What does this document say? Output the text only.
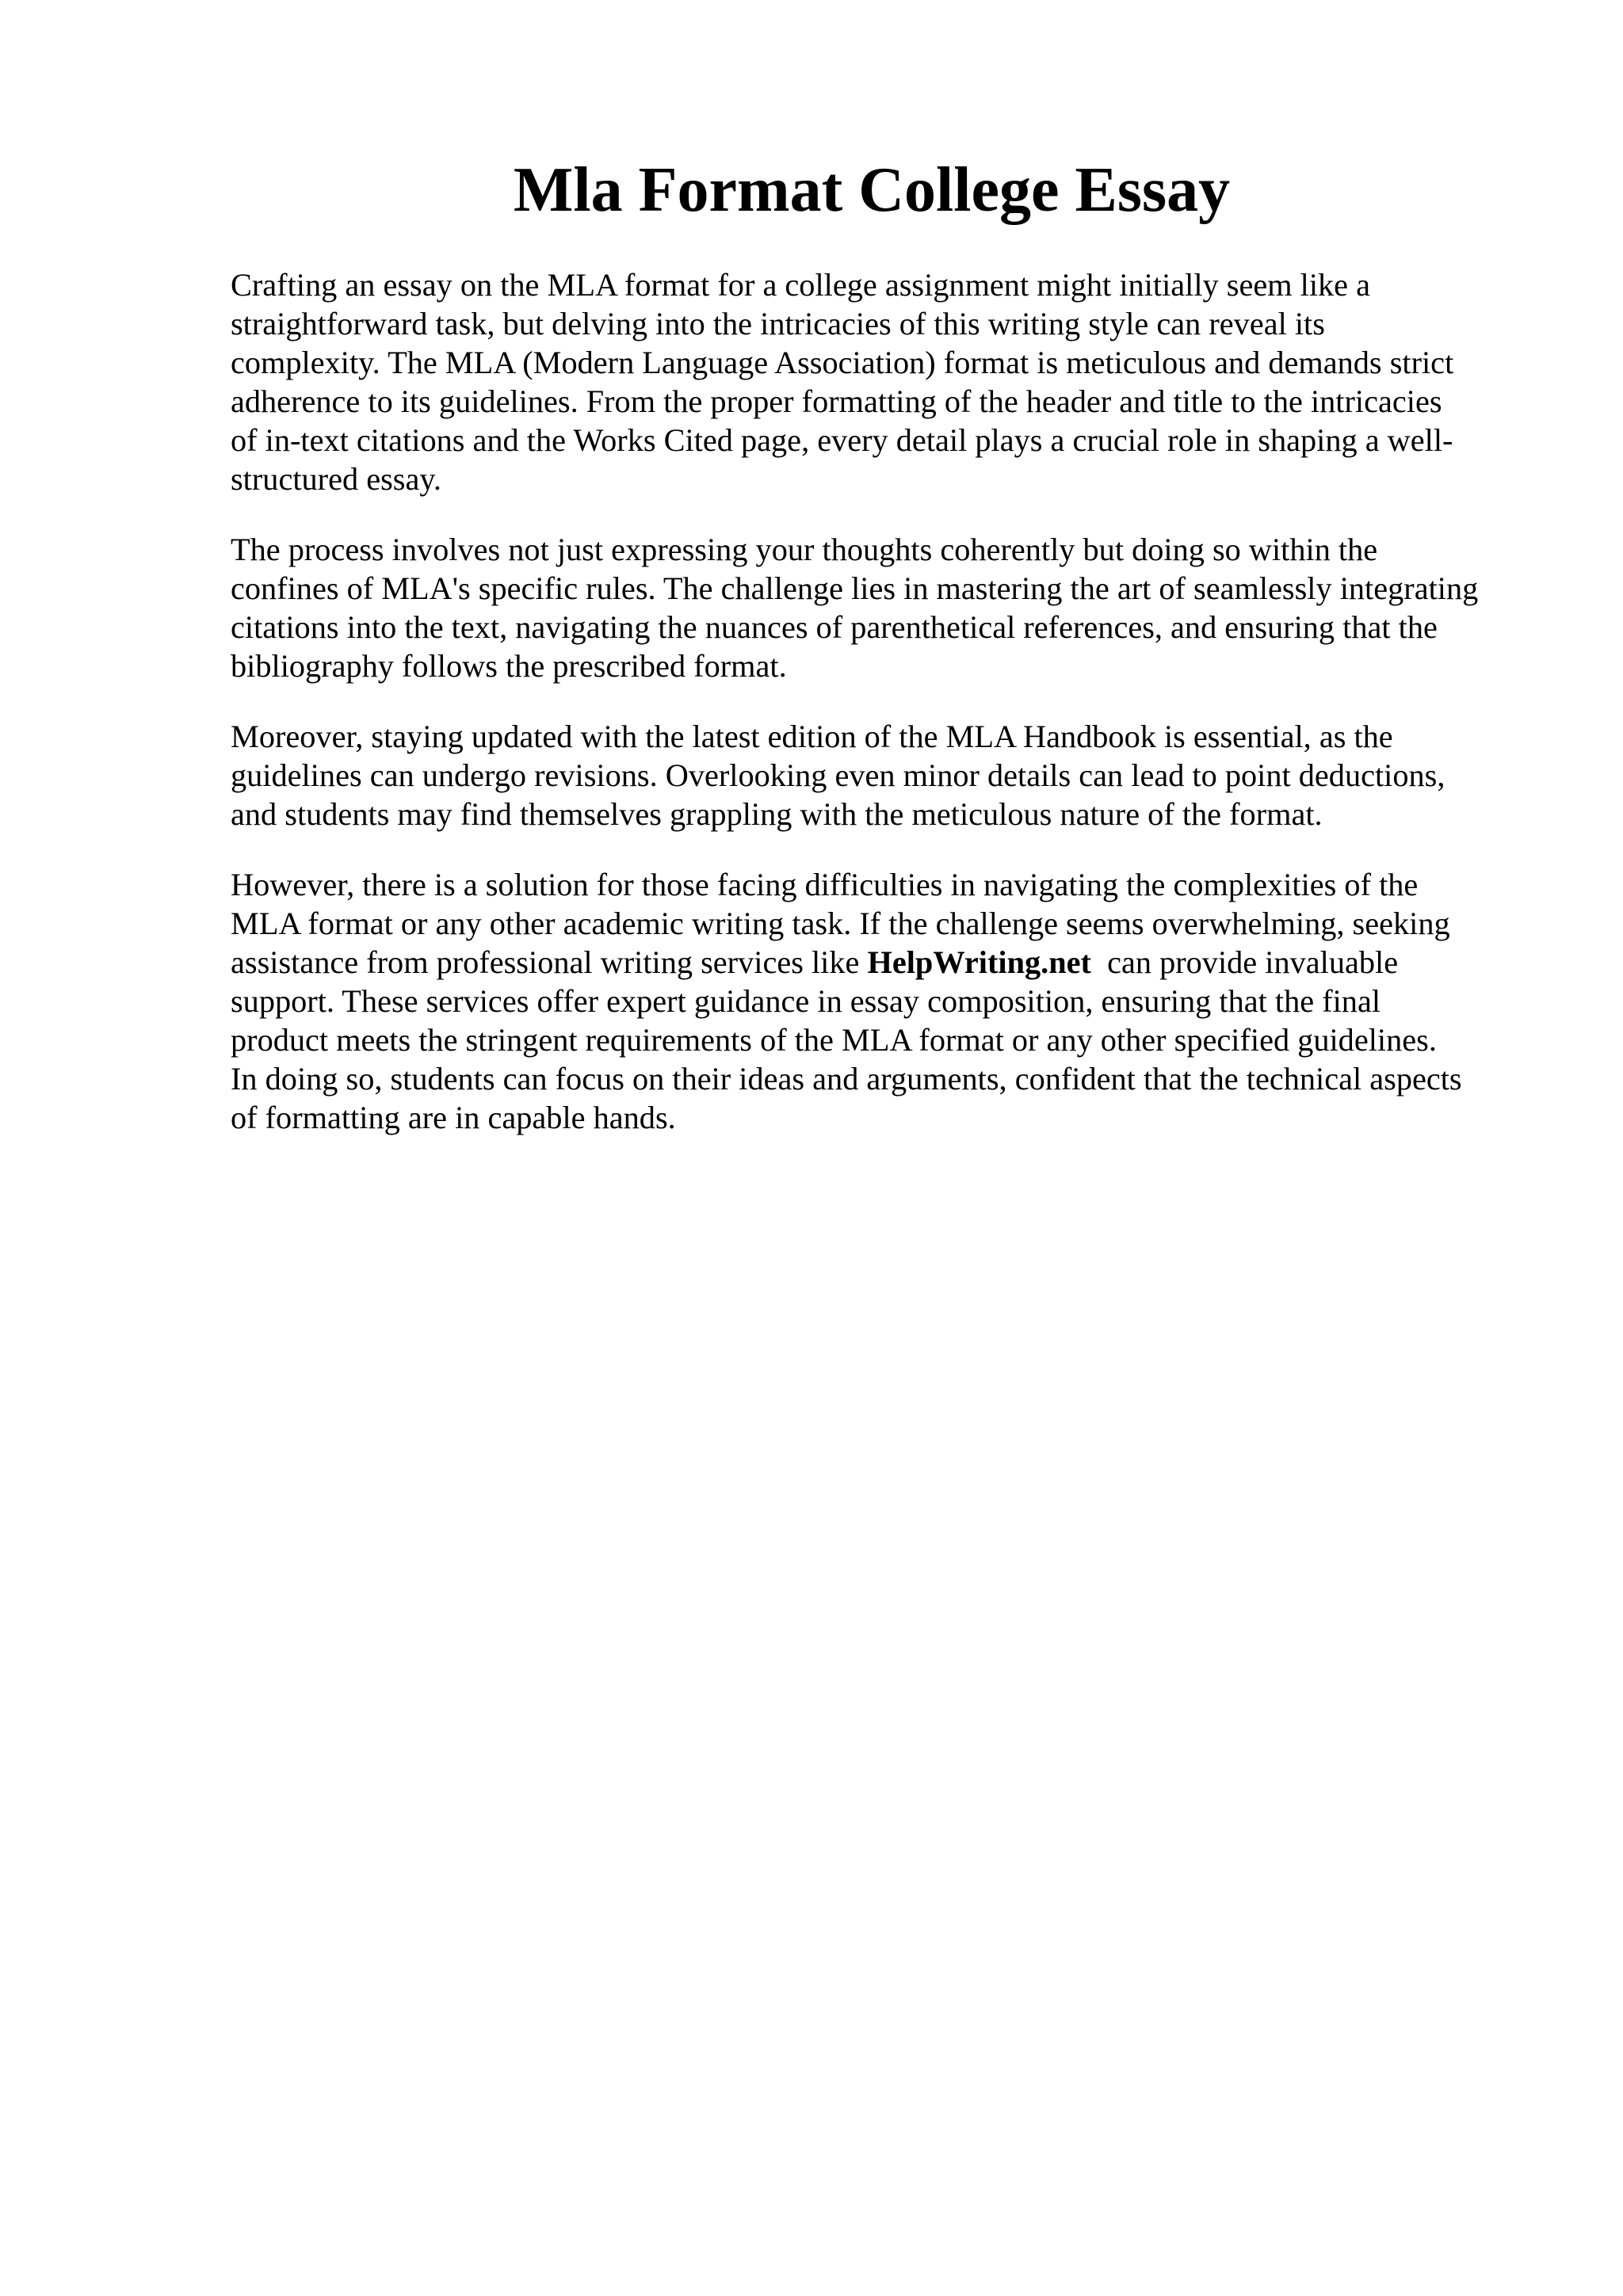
Mla Format College Essay

Crafting an essay on the MLA format for a college assignment might initially seem like a
straightforward task, but delving into the intricacies of this writing style can reveal its
complexity. The MLA (Modern Language Association) format is meticulous and demands strict
adherence to its guidelines. From the proper formatting of the header and title to the intricacies
of in-text citations and the Works Cited page, every detail plays a crucial role in shaping a well-
structured essay.

The process involves not just expressing your thoughts coherently but doing so within the
confines of MLA's specific rules. The challenge lies in mastering the art of seamlessly integrating
citations into the text, navigating the nuances of parenthetical references, and ensuring that the
bibliography follows the prescribed format.

Moreover, staying updated with the latest edition of the MLA Handbook is essential, as the
guidelines can undergo revisions. Overlooking even minor details can lead to point deductions,
and students may find themselves grappling with the meticulous nature of the format.

However, there is a solution for those facing difficulties in navigating the complexities of the
MLA format or any other academic writing task. If the challenge seems overwhelming, seeking
assistance from professional writing services like HelpWriting.net  can provide invaluable
support. These services offer expert guidance in essay composition, ensuring that the final
product meets the stringent requirements of the MLA format or any other specified guidelines.
In doing so, students can focus on their ideas and arguments, confident that the technical aspects
of formatting are in capable hands.
